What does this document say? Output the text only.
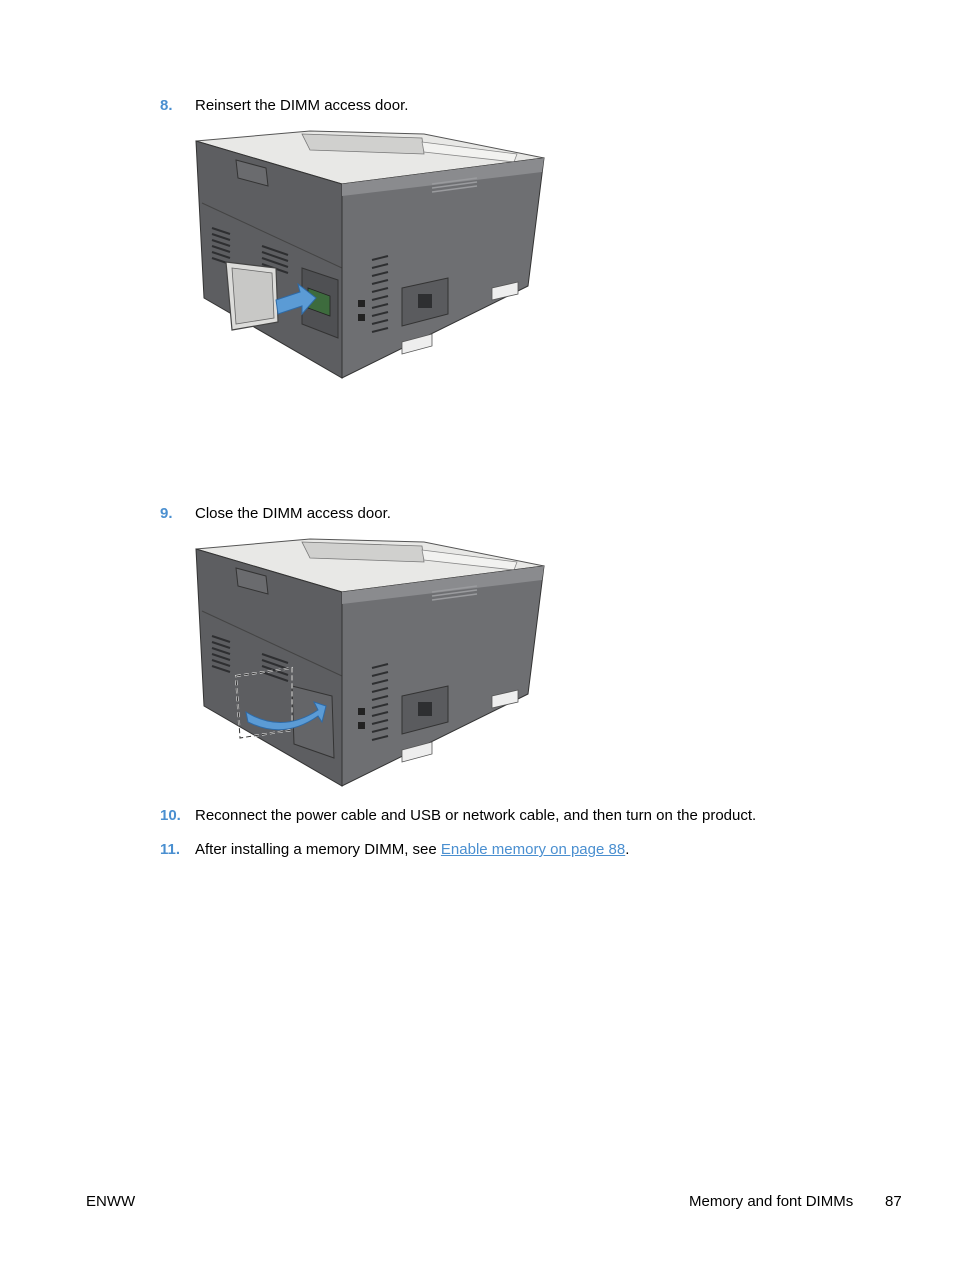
8. Reinsert the DIMM access door.
9. Close the DIMM access door.
10. Reconnect the power cable and USB or network cable, and then turn on the product.
11. After installing a memory DIMM, see Enable memory on page 88.
ENWW	Memory and font DIMMs 87
